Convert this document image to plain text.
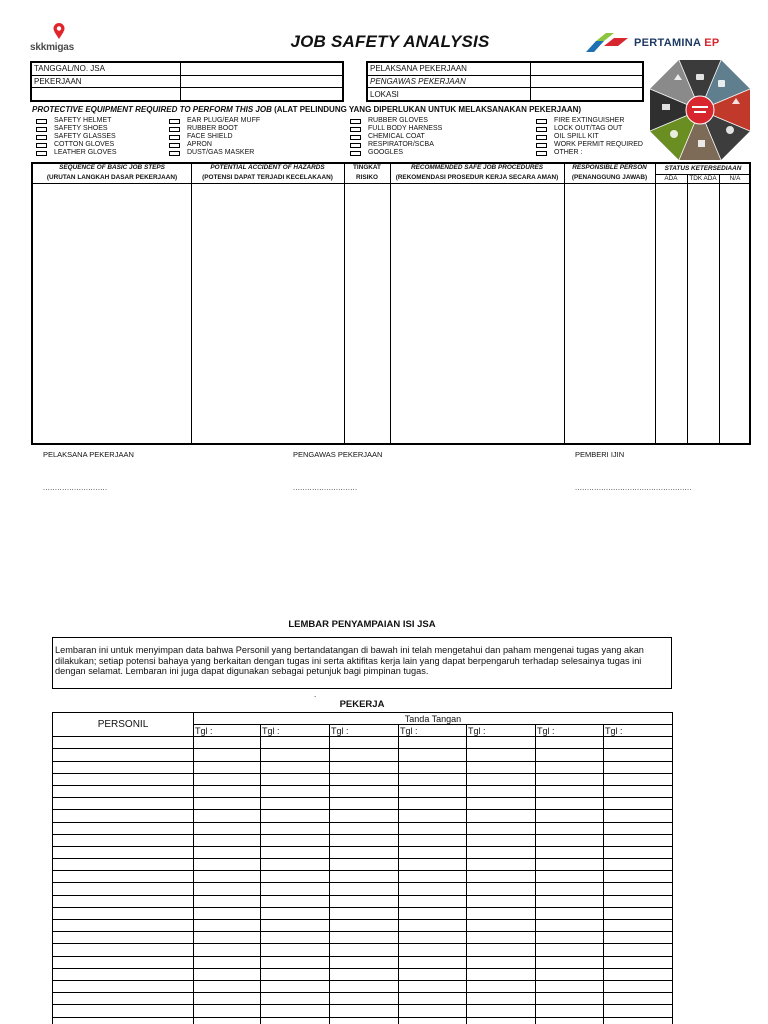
skkmigas	JOB SAFETY ANALYSIS	PERTAMINA EP
TANGGAL/NO. JSA	
PEKERJAAN	

PELAKSANA PEKERJAAN	
PENGAWAS PEKERJAAN	
LOKASI	
PROTECTIVE EQUIPMENT REQUIRED TO PERFORM THIS JOB (ALAT PELINDUNG YANG DIPERLUKAN UNTUK MELAKSANAKAN PEKERJAAN)
SAFETY HELMET
SAFETY SHOES
SAFETY GLASSES
COTTON GLOVES
LEATHER GLOVES
EAR PLUG/EAR MUFF
RUBBER BOOT
FACE SHIELD
APRON
DUST/GAS MASKER
RUBBER GLOVES
FULL BODY HARNESS
CHEMICAL COAT
RESPIRATOR/SCBA
GOOGLES
FIRE EXTINGUISHER
LOCK OUT/TAG OUT
OIL SPILL KIT
WORK PERMIT REQUIRED
OTHER :
SEQUENCE OF BASIC JOB STEPS
(URUTAN LANGKAH DASAR PEKERJAAN)
POTENTIAL ACCIDENT OF HAZARDS
(POTENSI DAPAT TERJADI KECELAKAAN)
TINGKAT
RISIKO
RECOMMENDED SAFE JOB PROCEDURES
(REKOMENDASI PROSEDUR KERJA SECARA AMAN)
RESPONSIBLE PERSON
(PENANGGUNG JAWAB)
STATUS KETERSEDIAAN
ADA	TDK ADA	N/A
PELAKSANA PEKERJAAN	PENGAWAS PEKERJAAN	PEMBERI IJIN
...........................	...........................	.................................................
LEMBAR PENYAMPAIAN ISI JSA
Lembaran ini untuk menyimpan data bahwa Personil yang bertandatangan di bawah ini telah mengetahui dan paham mengenai tugas yang akan dilakukan; setiap potensi bahaya yang berkaitan dengan tugas ini serta aktifitas kerja lain yang dapat berpengaruh terhadap selesainya tugas ini dengan selamat. Lembaran ini juga dapat digunakan sebagai petunjuk bagi pimpinan tugas.
.
PEKERJA
PERSONIL	Tanda Tangan						
	Tgl :	Tgl :	Tgl :	Tgl :	Tgl :	Tgl :	Tgl :
